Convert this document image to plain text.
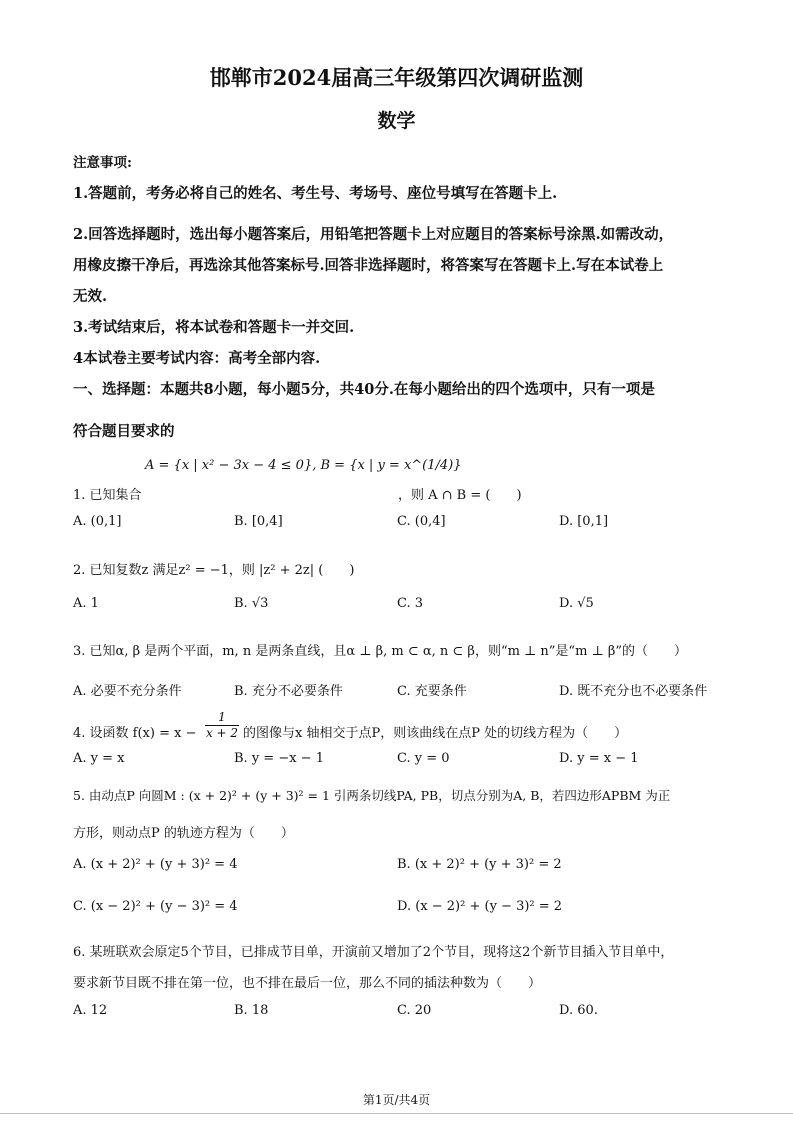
邯郸市2024届高三年级第四次调研监测
数学
注意事项:
1.答题前，考务必将自己的姓名、考生号、考场号、座位号填写在答题卡上.
2.回答选择题时，选出每小题答案后，用铅笔把答题卡上对应题目的答案标号涂黑.如需改动，
用橡皮擦干净后，再选涂其他答案标号.回答非选择题时，将答案写在答题卡上.写在本试卷上
无效.
3.考试结束后，将本试卷和答题卡一并交回.
4本试卷主要考试内容：高考全部内容.
一、选择题：本题共8小题，每小题5分，共40分.在每小题给出的四个选项中，只有一项是
符合题目要求的
A = {x | x² − 3x − 4 ≤ 0}, B = {x | y = x^(1/4)}
1. 已知集合	，则 A ∩ B = (　　)
A. (0,1]	B. [0,4]	C. (0,4]	D. [0,1]
2. 已知复数z 满足z² = −1，则 |z² + 2z| (　　)
A. 1	B. √3	C. 3	D. √5
3. 已知α, β 是两个平面，m, n 是两条直线，且α ⊥ β, m ⊂ α, n ⊂ β，则“m ⊥ n”是“m ⊥ β”的（　　）
A. 必要不充分条件	B. 充分不必要条件	C. 充要条件	D. 既不充分也不必要条件
4. 设函数 $f(x) = x - \frac{1}{x + 2}$ 的图像与x 轴相交于点P，则该曲线在点P 处的切线方程为（　　）
A. y = x	B. y = −x − 1	C. y = 0	D. y = x − 1
5. 由动点P 向圆M : (x + 2)² + (y + 3)² = 1 引两条切线PA, PB，切点分别为A, B，若四边形APBM 为正
方形，则动点P 的轨迹方程为（　　）
A. (x + 2)² + (y + 3)² = 4	B. (x + 2)² + (y + 3)² = 2
C. (x − 2)² + (y − 3)² = 4	D. (x − 2)² + (y − 3)² = 2
6. 某班联欢会原定5个节目，已排成节目单，开演前又增加了2个节目，现将这2个新节目插入节目单中，
要求新节目既不排在第一位，也不排在最后一位，那么不同的插法种数为（　　）
A. 12	B. 18	C. 20	D. 60.
第1页/共4页
